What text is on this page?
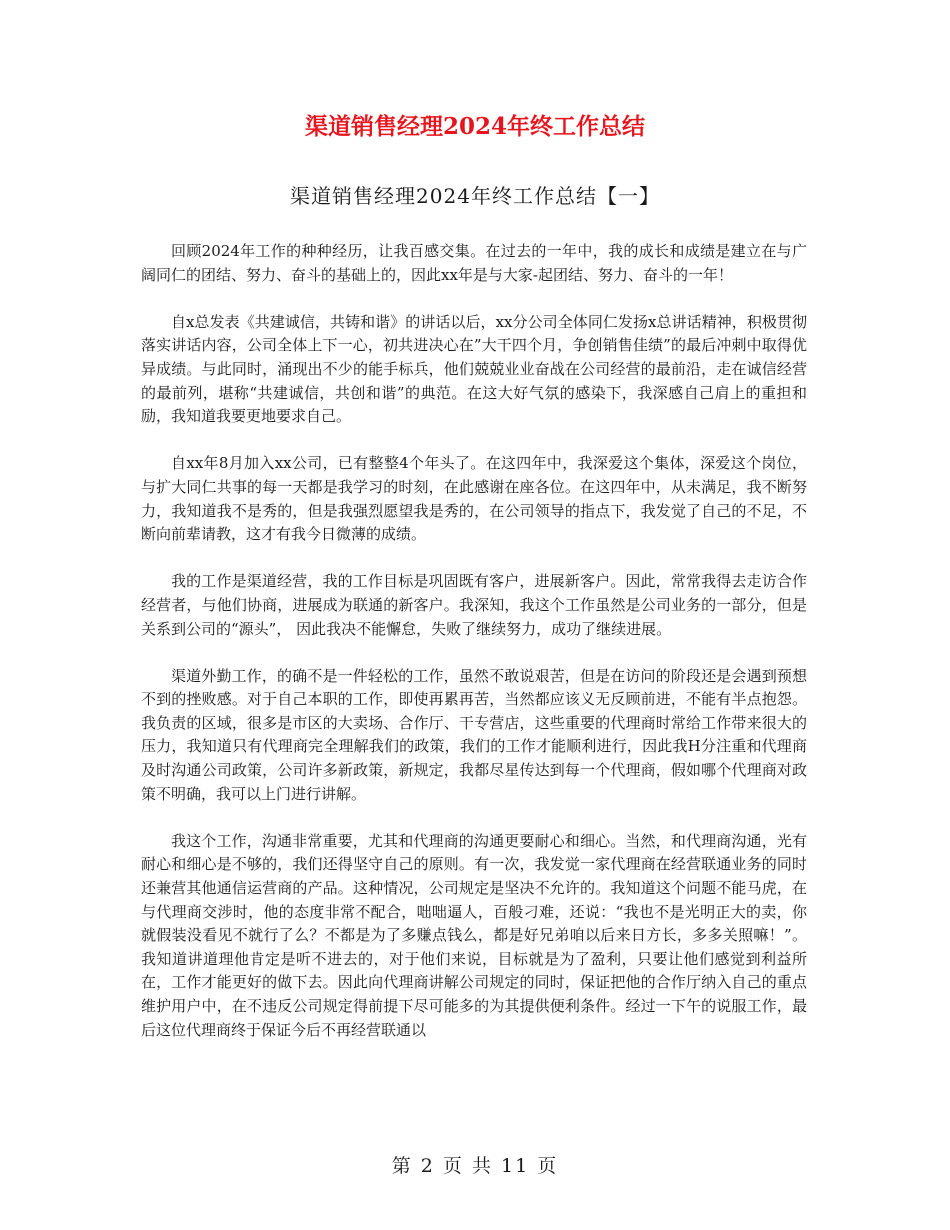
渠道销售经理2024年终工作总结
渠道销售经理2024年终工作总结【一】

回顾2024年工作的种种经历，让我百感交集。在过去的一年中，我的成长和成绩是建立在与广阔同仁的团结、努力、奋斗的基础上的，因此xx年是与大家-起团结、努力、奋斗的一年！

自x总发表《共建诚信，共铸和谐》的讲话以后，xx分公司全体同仁发扬x总讲话精神，积极贯彻落实讲话内容，公司全体上下一心，初共进决心在”大干四个月，争创销售佳绩”的最后冲刺中取得优异成绩。与此同时，涌现出不少的能手标兵，他们兢兢业业奋战在公司经营的最前沿，走在诚信经营的最前列，堪称“共建诚信，共创和谐”的典范。在这大好气氛的感染下，我深感自己肩上的重担和励，我知道我要更地要求自己。

自xx年8月加入xx公司，已有整整4个年头了。在这四年中，我深爱这个集体，深爱这个岗位，与扩大同仁共事的每一天都是我学习的时刻，在此感谢在座各位。在这四年中，从未满足，我不断努力，我知道我不是秀的，但是我强烈愿望我是秀的，在公司领导的指点下，我发觉了自己的不足，不断向前辈请教，这才有我今日微薄的成绩。

我的工作是渠道经营，我的工作目标是巩固既有客户，进展新客户。因此，常常我得去走访合作经营者，与他们协商，进展成为联通的新客户。我深知，我这个工作虽然是公司业务的一部分，但是关系到公司的“源头”， 因此我决不能懈怠，失败了继续努力，成功了继续进展。

渠道外勤工作，的确不是一件轻松的工作，虽然不敢说艰苦，但是在访问的阶段还是会遇到预想不到的挫败感。对于自己本职的工作，即使再累再苦，当然都应该义无反顾前进，不能有半点抱怨。我负责的区域，很多是市区的大卖场、合作厅、干专营店，这些重要的代理商时常给工作带来很大的压力，我知道只有代理商完全理解我们的政策，我们的工作才能顺利进行，因此我H分注重和代理商及时沟通公司政策，公司许多新政策，新规定，我都尽星传达到每一个代理商，假如哪个代理商对政策不明确，我可以上门进行讲解。

我这个工作，沟通非常重要，尤其和代理商的沟通更要耐心和细心。当然，和代理商沟通，光有耐心和细心是不够的，我们还得坚守自己的原则。有一次，我发觉一家代理商在经营联通业务的同时还兼营其他通信运营商的产品。这种情况，公司规定是坚决不允许的。我知道这个问题不能马虎，在与代理商交涉时，他的态度非常不配合，咄咄逼人，百般刁难，还说：“我也不是光明正大的卖，你就假装没看见不就行了么？不都是为了多赚点钱么，都是好兄弟咱以后来日方长，多多关照嘛！”。我知道讲道理他肯定是听不进去的，对于他们来说，目标就是为了盈利，只要让他们感觉到利益所在，工作才能更好的做下去。因此向代理商讲解公司规定的同时，保证把他的合作厅纳入自己的重点维护用户中，在不违反公司规定得前提下尽可能多的为其提供便利条件。经过一下午的说服工作，最后这位代理商终于保证今后不再经营联通以

第 2 页 共 11 页
